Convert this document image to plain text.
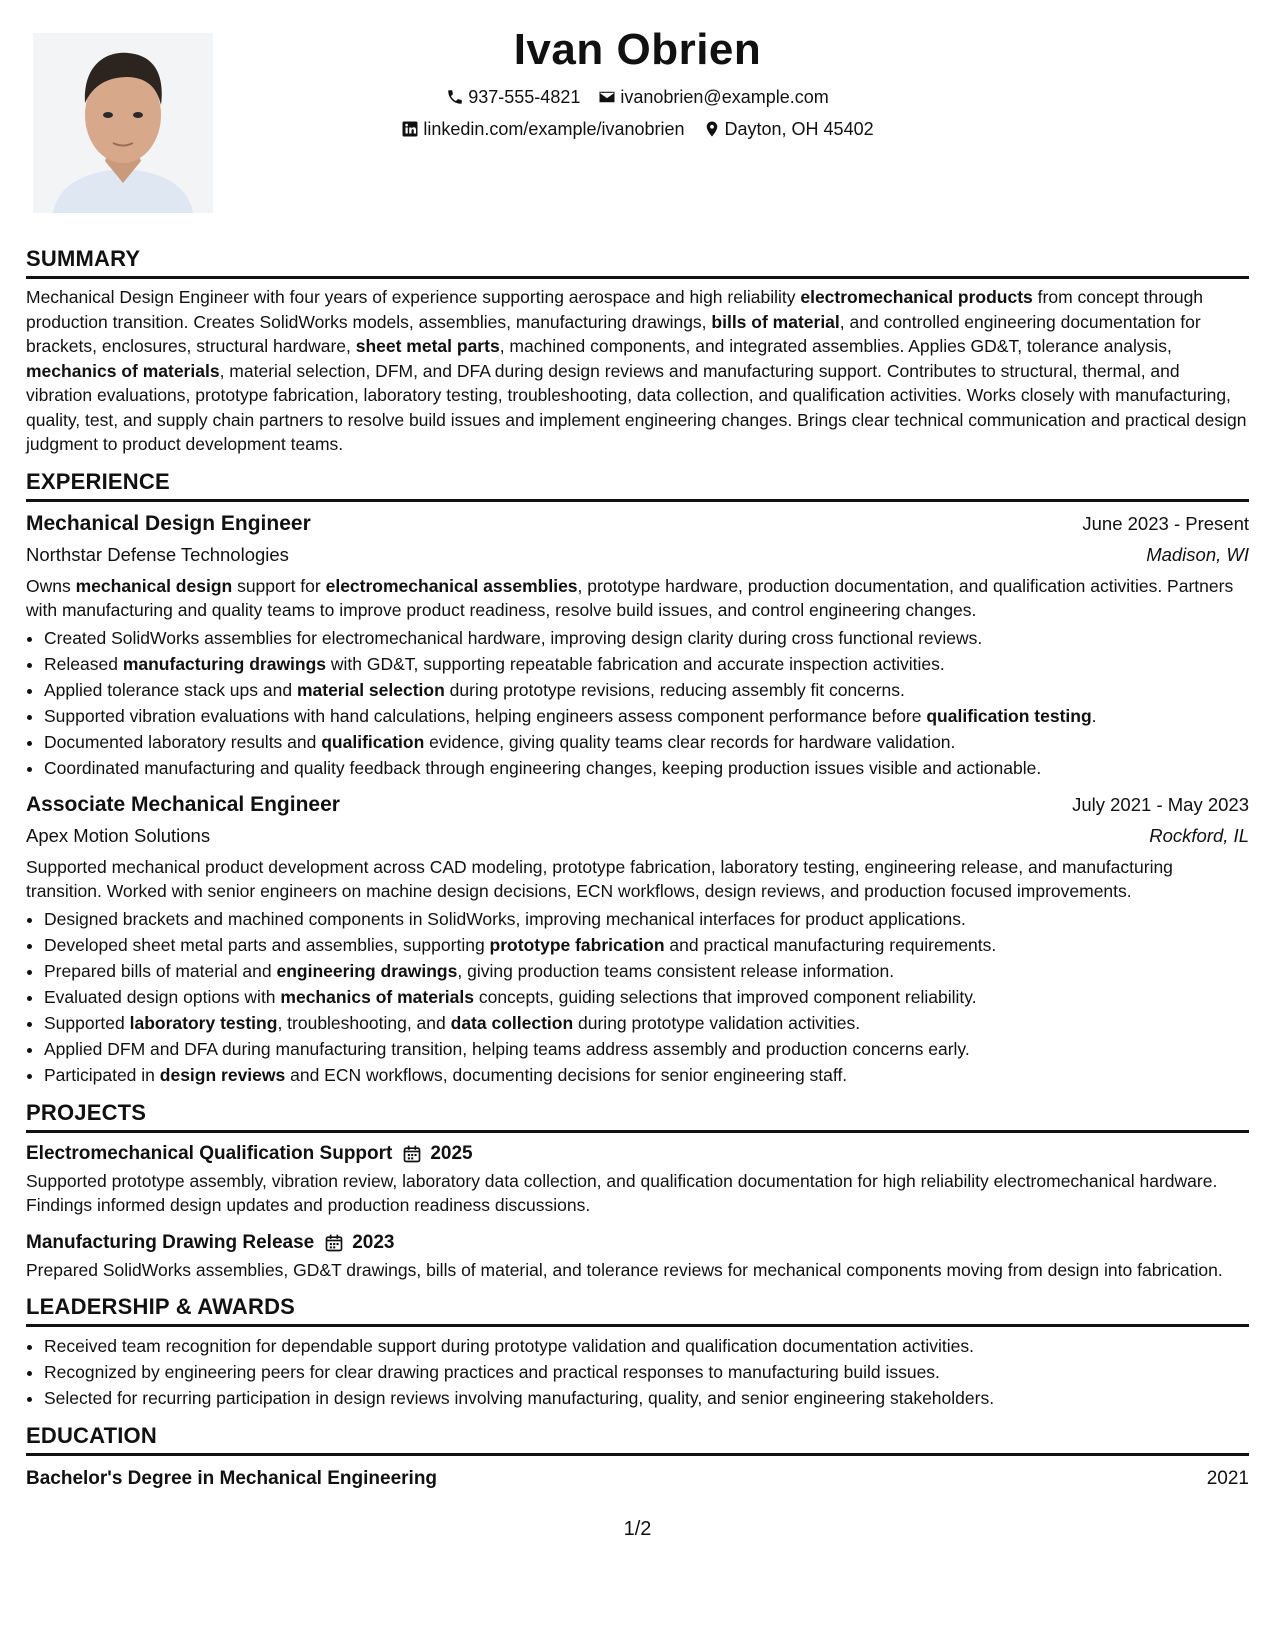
Ivan Obrien
937-555-4821 ivanobrien@example.com
linkedin.com/example/ivanobrien Dayton, OH 45402
SUMMARY
Mechanical Design Engineer with four years of experience supporting aerospace and high reliability electromechanical products from concept through production transition. Creates SolidWorks models, assemblies, manufacturing drawings, bills of material, and controlled engineering documentation for brackets, enclosures, structural hardware, sheet metal parts, machined components, and integrated assemblies. Applies GD&T, tolerance analysis, mechanics of materials, material selection, DFM, and DFA during design reviews and manufacturing support. Contributes to structural, thermal, and vibration evaluations, prototype fabrication, laboratory testing, troubleshooting, data collection, and qualification activities. Works closely with manufacturing, quality, test, and supply chain partners to resolve build issues and implement engineering changes. Brings clear technical communication and practical design judgment to product development teams.
EXPERIENCE
Mechanical Design Engineer	June 2023 - Present
Northstar Defense Technologies	Madison, WI
Owns mechanical design support for electromechanical assemblies, prototype hardware, production documentation, and qualification activities. Partners with manufacturing and quality teams to improve product readiness, resolve build issues, and control engineering changes.
• Created SolidWorks assemblies for electromechanical hardware, improving design clarity during cross functional reviews.
• Released manufacturing drawings with GD&T, supporting repeatable fabrication and accurate inspection activities.
• Applied tolerance stack ups and material selection during prototype revisions, reducing assembly fit concerns.
• Supported vibration evaluations with hand calculations, helping engineers assess component performance before qualification testing.
• Documented laboratory results and qualification evidence, giving quality teams clear records for hardware validation.
• Coordinated manufacturing and quality feedback through engineering changes, keeping production issues visible and actionable.
Associate Mechanical Engineer	July 2021 - May 2023
Apex Motion Solutions	Rockford, IL
Supported mechanical product development across CAD modeling, prototype fabrication, laboratory testing, engineering release, and manufacturing transition. Worked with senior engineers on machine design decisions, ECN workflows, design reviews, and production focused improvements.
• Designed brackets and machined components in SolidWorks, improving mechanical interfaces for product applications.
• Developed sheet metal parts and assemblies, supporting prototype fabrication and practical manufacturing requirements.
• Prepared bills of material and engineering drawings, giving production teams consistent release information.
• Evaluated design options with mechanics of materials concepts, guiding selections that improved component reliability.
• Supported laboratory testing, troubleshooting, and data collection during prototype validation activities.
• Applied DFM and DFA during manufacturing transition, helping teams address assembly and production concerns early.
• Participated in design reviews and ECN workflows, documenting decisions for senior engineering staff.
PROJECTS
Electromechanical Qualification Support 2025
Supported prototype assembly, vibration review, laboratory data collection, and qualification documentation for high reliability electromechanical hardware. Findings informed design updates and production readiness discussions.
Manufacturing Drawing Release 2023
Prepared SolidWorks assemblies, GD&T drawings, bills of material, and tolerance reviews for mechanical components moving from design into fabrication.
LEADERSHIP & AWARDS
• Received team recognition for dependable support during prototype validation and qualification documentation activities.
• Recognized by engineering peers for clear drawing practices and practical responses to manufacturing build issues.
• Selected for recurring participation in design reviews involving manufacturing, quality, and senior engineering stakeholders.
EDUCATION
Bachelor's Degree in Mechanical Engineering	2021
1/2
